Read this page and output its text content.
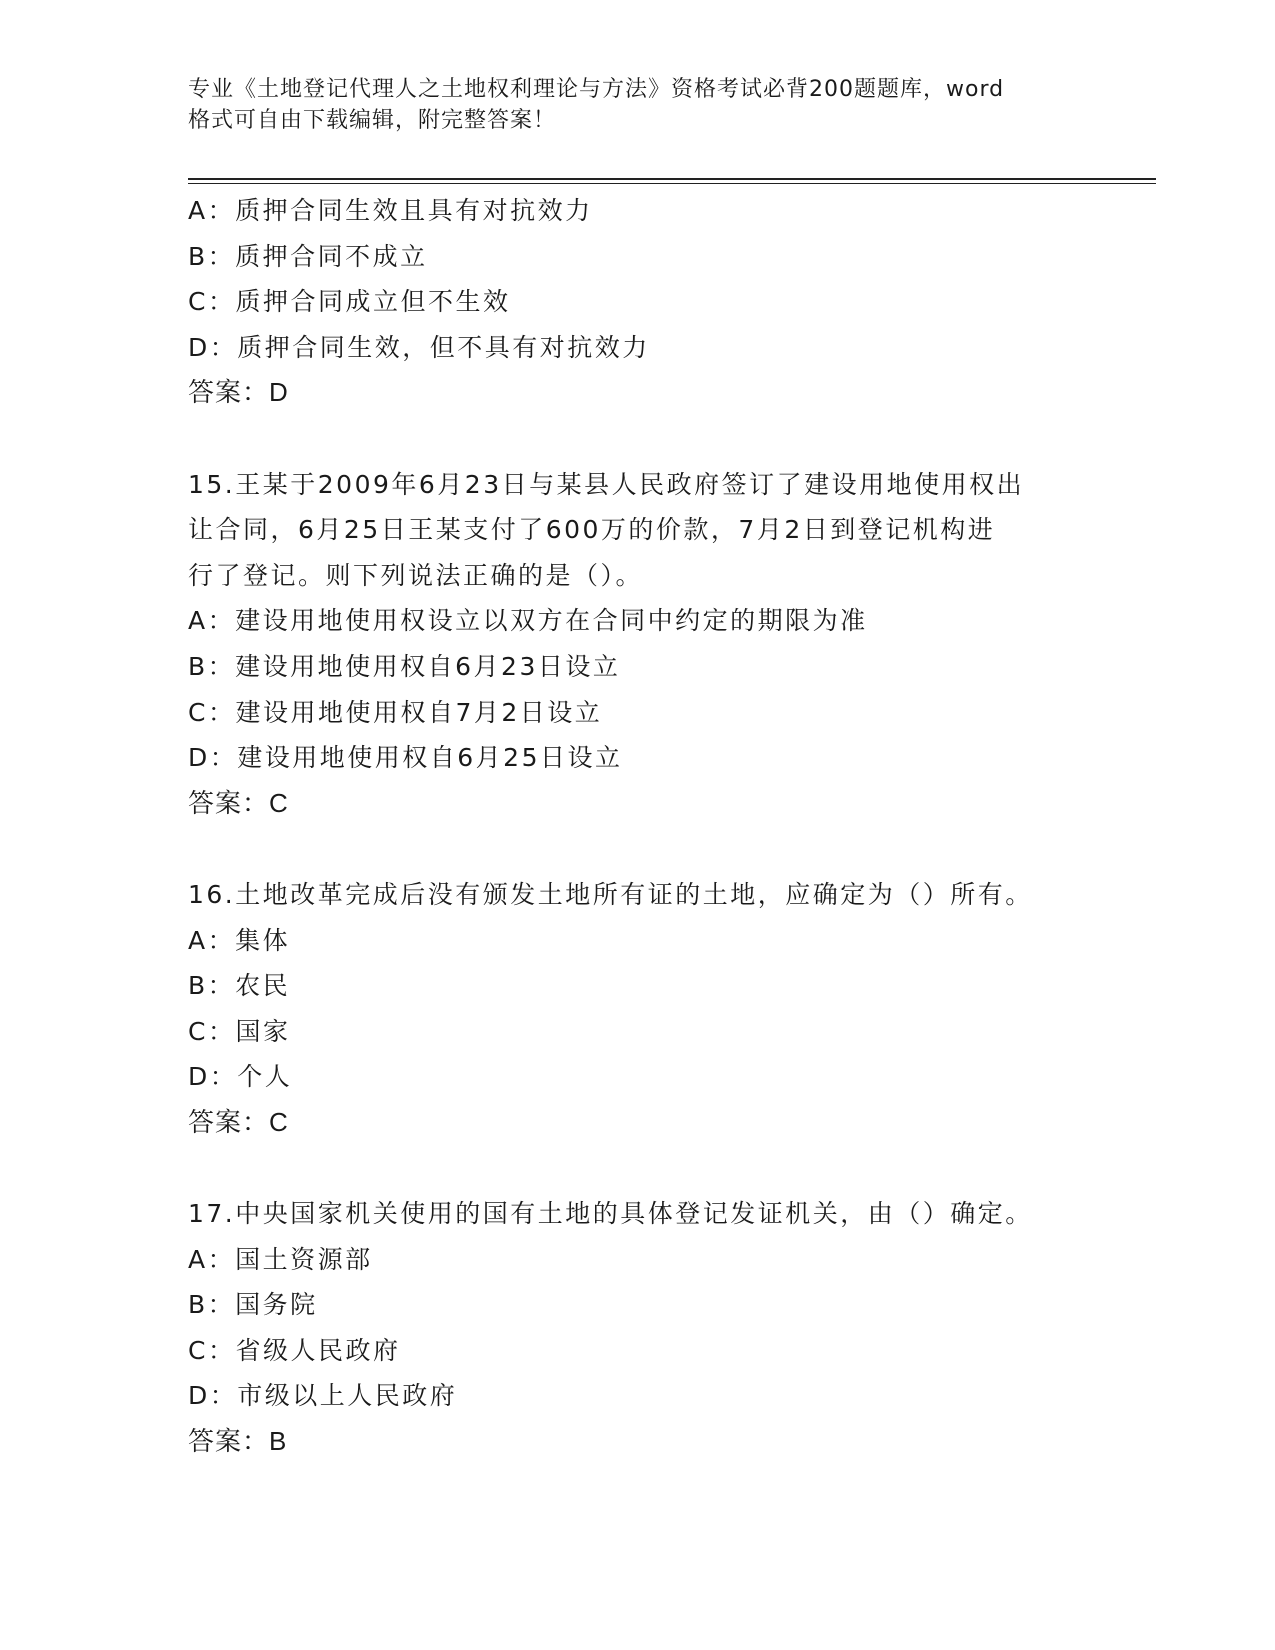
专业《土地登记代理人之土地权利理论与方法》资格考试必背200题题库，word
格式可自由下载编辑，附完整答案！
A：质押合同生效且具有对抗效力
B：质押合同不成立
C：质押合同成立但不生效
D：质押合同生效，但不具有对抗效力
答案：D
15.王某于2009年6月23日与某县人民政府签订了建设用地使用权出
让合同，6月25日王某支付了600万的价款，7月2日到登记机构进
行了登记。则下列说法正确的是（）。
A：建设用地使用权设立以双方在合同中约定的期限为准
B：建设用地使用权自6月23日设立
C：建设用地使用权自7月2日设立
D：建设用地使用权自6月25日设立
答案：C
16.土地改革完成后没有颁发土地所有证的土地，应确定为（）所有。
A：集体
B：农民
C：国家
D：个人
答案：C
17.中央国家机关使用的国有土地的具体登记发证机关，由（）确定。
A：国土资源部
B：国务院
C：省级人民政府
D：市级以上人民政府
答案：B
